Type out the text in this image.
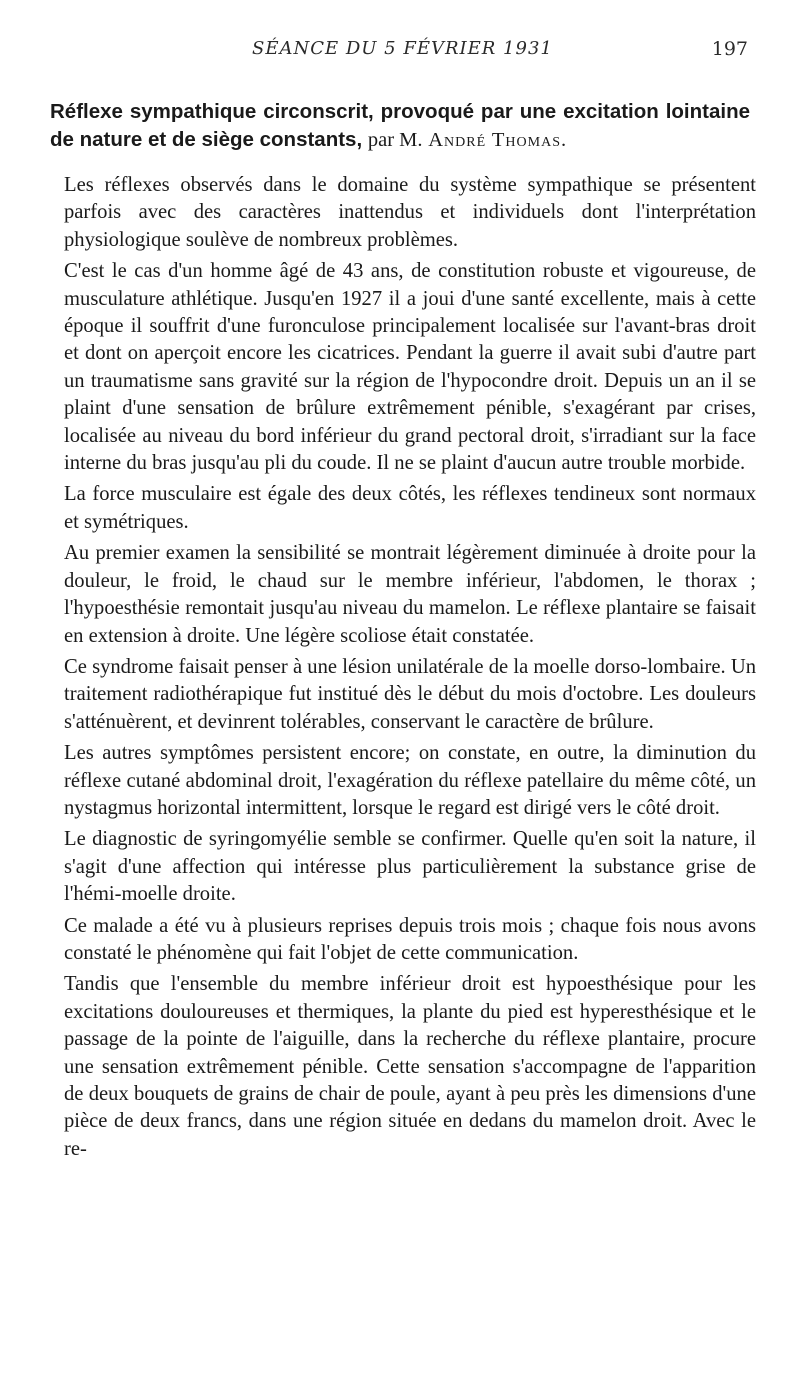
SÉANCE DU 5 FÉVRIER 1931	197
Réflexe sympathique circonscrit, provoqué par une excitation lointaine de nature et de siège constants, par M. André Thomas.

Les réflexes observés dans le domaine du système sympathique se présentent parfois avec des caractères inattendus et individuels dont l'interprétation physiologique soulève de nombreux problèmes.

C'est le cas d'un homme âgé de 43 ans, de constitution robuste et vigoureuse, de musculature athlétique. Jusqu'en 1927 il a joui d'une santé excellente, mais à cette époque il souffrit d'une furonculose principalement localisée sur l'avant-bras droit et dont on aperçoit encore les cicatrices. Pendant la guerre il avait subi d'autre part un traumatisme sans gravité sur la région de l'hypocondre droit. Depuis un an il se plaint d'une sensation de brûlure extrêmement pénible, s'exagérant par crises, localisée au niveau du bord inférieur du grand pectoral droit, s'irradiant sur la face interne du bras jusqu'au pli du coude. Il ne se plaint d'aucun autre trouble morbide.

La force musculaire est égale des deux côtés, les réflexes tendineux sont normaux et symétriques.

Au premier examen la sensibilité se montrait légèrement diminuée à droite pour la douleur, le froid, le chaud sur le membre inférieur, l'abdomen, le thorax ; l'hypoesthésie remontait jusqu'au niveau du mamelon. Le réflexe plantaire se faisait en extension à droite. Une légère scoliose était constatée.

Ce syndrome faisait penser à une lésion unilatérale de la moelle dorso-lombaire. Un traitement radiothérapique fut institué dès le début du mois d'octobre. Les douleurs s'atténuèrent, et devinrent tolérables, conservant le caractère de brûlure.

Les autres symptômes persistent encore; on constate, en outre, la diminution du réflexe cutané abdominal droit, l'exagération du réflexe patellaire du même côté, un nystagmus horizontal intermittent, lorsque le regard est dirigé vers le côté droit.

Le diagnostic de syringomyélie semble se confirmer. Quelle qu'en soit la nature, il s'agit d'une affection qui intéresse plus particulièrement la substance grise de l'hémi-moelle droite.

Ce malade a été vu à plusieurs reprises depuis trois mois ; chaque fois nous avons constaté le phénomène qui fait l'objet de cette communication.

Tandis que l'ensemble du membre inférieur droit est hypoesthésique pour les excitations douloureuses et thermiques, la plante du pied est hyperesthésique et le passage de la pointe de l'aiguille, dans la recherche du réflexe plantaire, procure une sensation extrêmement pénible. Cette sensation s'accompagne de l'apparition de deux bouquets de grains de chair de poule, ayant à peu près les dimensions d'une pièce de deux francs, dans une région située en dedans du mamelon droit. Avec le re-
